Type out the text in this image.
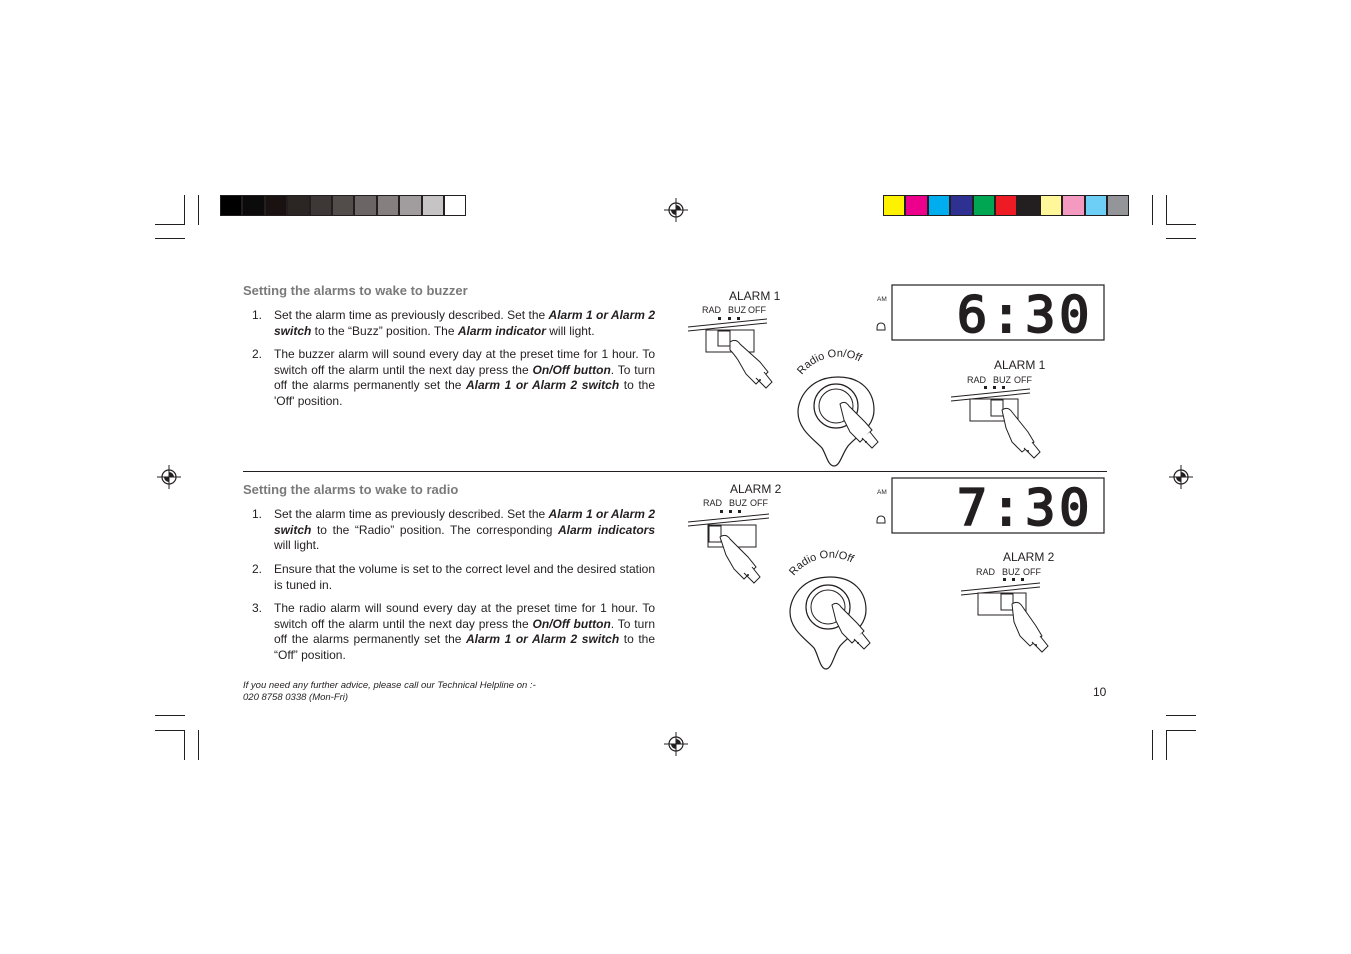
Setting the alarms to wake to buzzer
1. Set the alarm time as previously described. Set the Alarm 1 or Alarm 2 switch to the “Buzz” position. The Alarm indicator will light.
2. The buzzer alarm will sound every day at the preset time for 1 hour. To switch off the alarm until the next day press the On/Off button. To turn off the alarms permanently set the Alarm 1 or Alarm 2 switch to the 'Off' position.
Setting the alarms to wake to radio
1. Set the alarm time as previously described. Set the Alarm 1 or Alarm 2 switch to the “Radio” position. The corresponding Alarm indicators will light.
2. Ensure that the volume is set to the correct level and the desired station is tuned in.
3. The radio alarm will sound every day at the preset time for 1 hour. To switch off the alarm until the next day press the On/Off button. To turn off the alarms permanently set the Alarm 1 or Alarm 2 switch to the “Off” position.
If you need any further advice, please call our Technical Helpline on :-
020 8758 0338 (Mon-Fri)	10
ALARM 1
RAD BUZ OFF
Radio On/Off
AM 6:30
ALARM 1
RAD BUZ OFF
ALARM 2
RAD BUZ OFF
Radio On/Off
AM 7:30
ALARM 2
RAD BUZ OFF
